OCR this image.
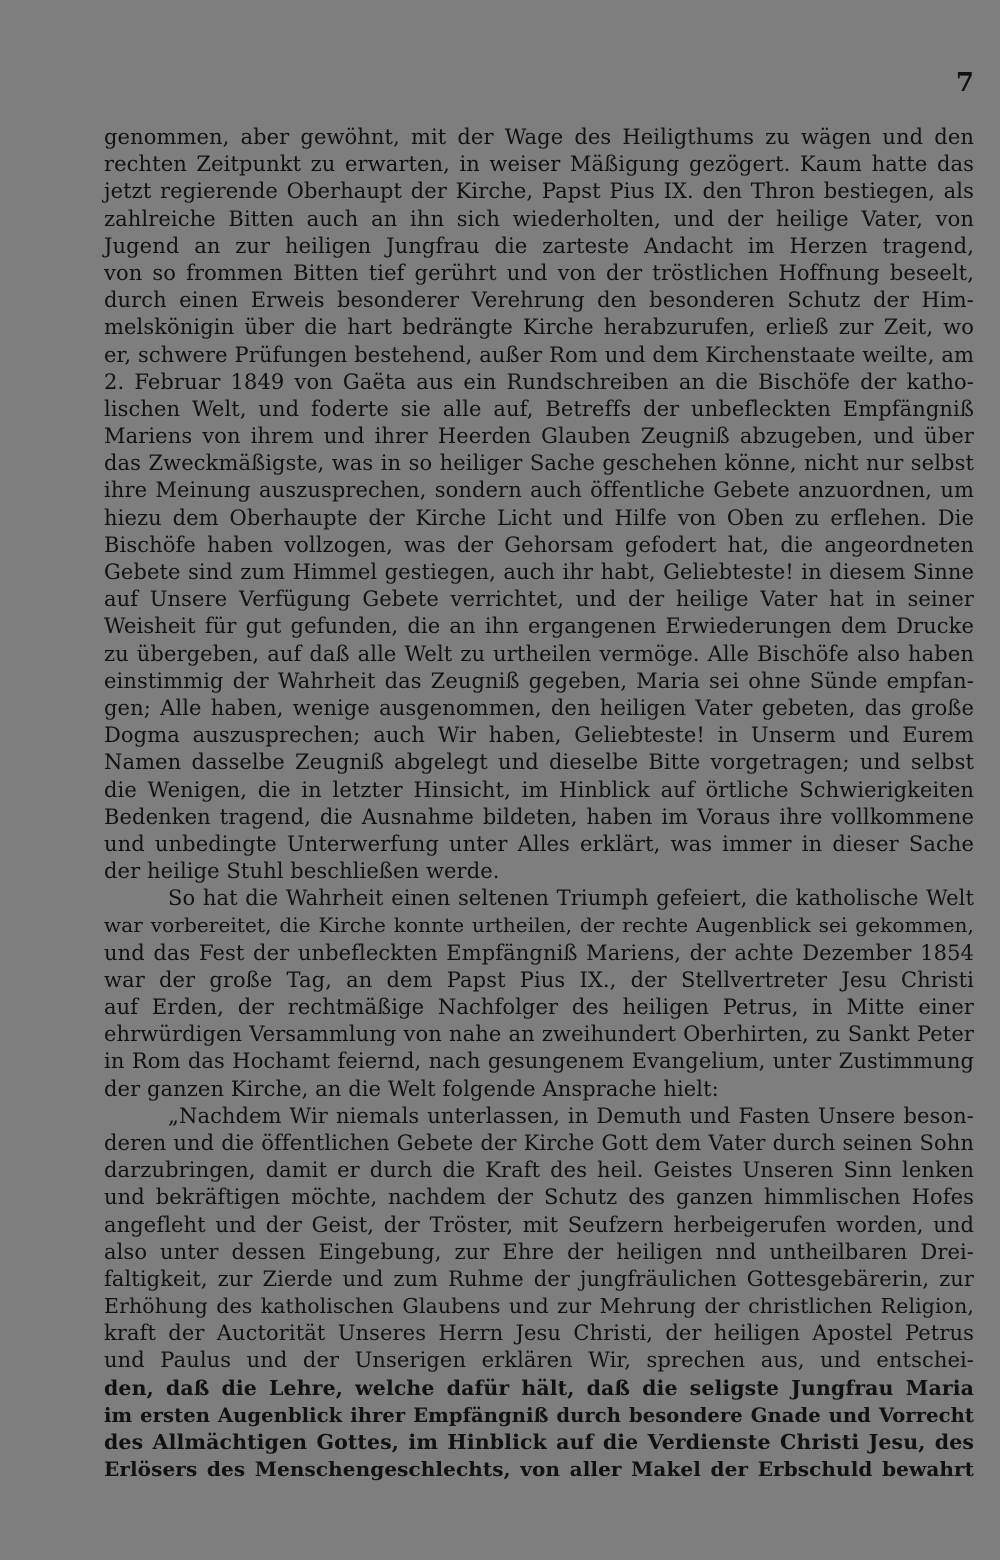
7
genommen, aber gewöhnt, mit der Wage des Heiligthums zu wägen und den
rechten Zeitpunkt zu erwarten, in weiser Mäßigung gezögert. Kaum hatte das
jetzt regierende Oberhaupt der Kirche, Papst Pius IX. den Thron bestiegen, als
zahlreiche Bitten auch an ihn sich wiederholten, und der heilige Vater, von
Jugend an zur heiligen Jungfrau die zarteste Andacht im Herzen tragend,
von so frommen Bitten tief gerührt und von der tröstlichen Hoffnung beseelt,
durch einen Erweis besonderer Verehrung den besonderen Schutz der Him-
melskönigin über die hart bedrängte Kirche herabzurufen, erließ zur Zeit, wo
er, schwere Prüfungen bestehend, außer Rom und dem Kirchenstaate weilte, am
2. Februar 1849 von Gaëta aus ein Rundschreiben an die Bischöfe der katho-
lischen Welt, und foderte sie alle auf, Betreffs der unbefleckten Empfängniß
Mariens von ihrem und ihrer Heerden Glauben Zeugniß abzugeben, und über
das Zweckmäßigste, was in so heiliger Sache geschehen könne, nicht nur selbst
ihre Meinung auszusprechen, sondern auch öffentliche Gebete anzuordnen, um
hiezu dem Oberhaupte der Kirche Licht und Hilfe von Oben zu erflehen. Die
Bischöfe haben vollzogen, was der Gehorsam gefodert hat, die angeordneten
Gebete sind zum Himmel gestiegen, auch ihr habt, Geliebteste! in diesem Sinne
auf Unsere Verfügung Gebete verrichtet, und der heilige Vater hat in seiner
Weisheit für gut gefunden, die an ihn ergangenen Erwiederungen dem Drucke
zu übergeben, auf daß alle Welt zu urtheilen vermöge. Alle Bischöfe also haben
einstimmig der Wahrheit das Zeugniß gegeben, Maria sei ohne Sünde empfan-
gen; Alle haben, wenige ausgenommen, den heiligen Vater gebeten, das große
Dogma auszusprechen; auch Wir haben, Geliebteste! in Unserm und Eurem
Namen dasselbe Zeugniß abgelegt und dieselbe Bitte vorgetragen; und selbst
die Wenigen, die in letzter Hinsicht, im Hinblick auf örtliche Schwierigkeiten
Bedenken tragend, die Ausnahme bildeten, haben im Voraus ihre vollkommene
und unbedingte Unterwerfung unter Alles erklärt, was immer in dieser Sache
der heilige Stuhl beschließen werde.
So hat die Wahrheit einen seltenen Triumph gefeiert, die katholische Welt
war vorbereitet, die Kirche konnte urtheilen, der rechte Augenblick sei gekommen,
und das Fest der unbefleckten Empfängniß Mariens, der achte Dezember 1854
war der große Tag, an dem Papst Pius IX., der Stellvertreter Jesu Christi
auf Erden, der rechtmäßige Nachfolger des heiligen Petrus, in Mitte einer
ehrwürdigen Versammlung von nahe an zweihundert Oberhirten, zu Sankt Peter
in Rom das Hochamt feiernd, nach gesungenem Evangelium, unter Zustimmung
der ganzen Kirche, an die Welt folgende Ansprache hielt:
„Nachdem Wir niemals unterlassen, in Demuth und Fasten Unsere beson-
deren und die öffentlichen Gebete der Kirche Gott dem Vater durch seinen Sohn
darzubringen, damit er durch die Kraft des heil. Geistes Unseren Sinn lenken
und bekräftigen möchte, nachdem der Schutz des ganzen himmlischen Hofes
angefleht und der Geist, der Tröster, mit Seufzern herbeigerufen worden, und
also unter dessen Eingebung, zur Ehre der heiligen nnd untheilbaren Drei-
faltigkeit, zur Zierde und zum Ruhme der jungfräulichen Gottesgebärerin, zur
Erhöhung des katholischen Glaubens und zur Mehrung der christlichen Religion,
kraft der Auctorität Unseres Herrn Jesu Christi, der heiligen Apostel Petrus
und Paulus und der Unserigen erklären Wir, sprechen aus, und entschei-
den, daß die Lehre, welche dafür hält, daß die seligste Jungfrau Maria
im ersten Augenblick ihrer Empfängniß durch besondere Gnade und Vorrecht
des Allmächtigen Gottes, im Hinblick auf die Verdienste Christi Jesu, des
Erlösers des Menschengeschlechts, von aller Makel der Erbschuld bewahrt
